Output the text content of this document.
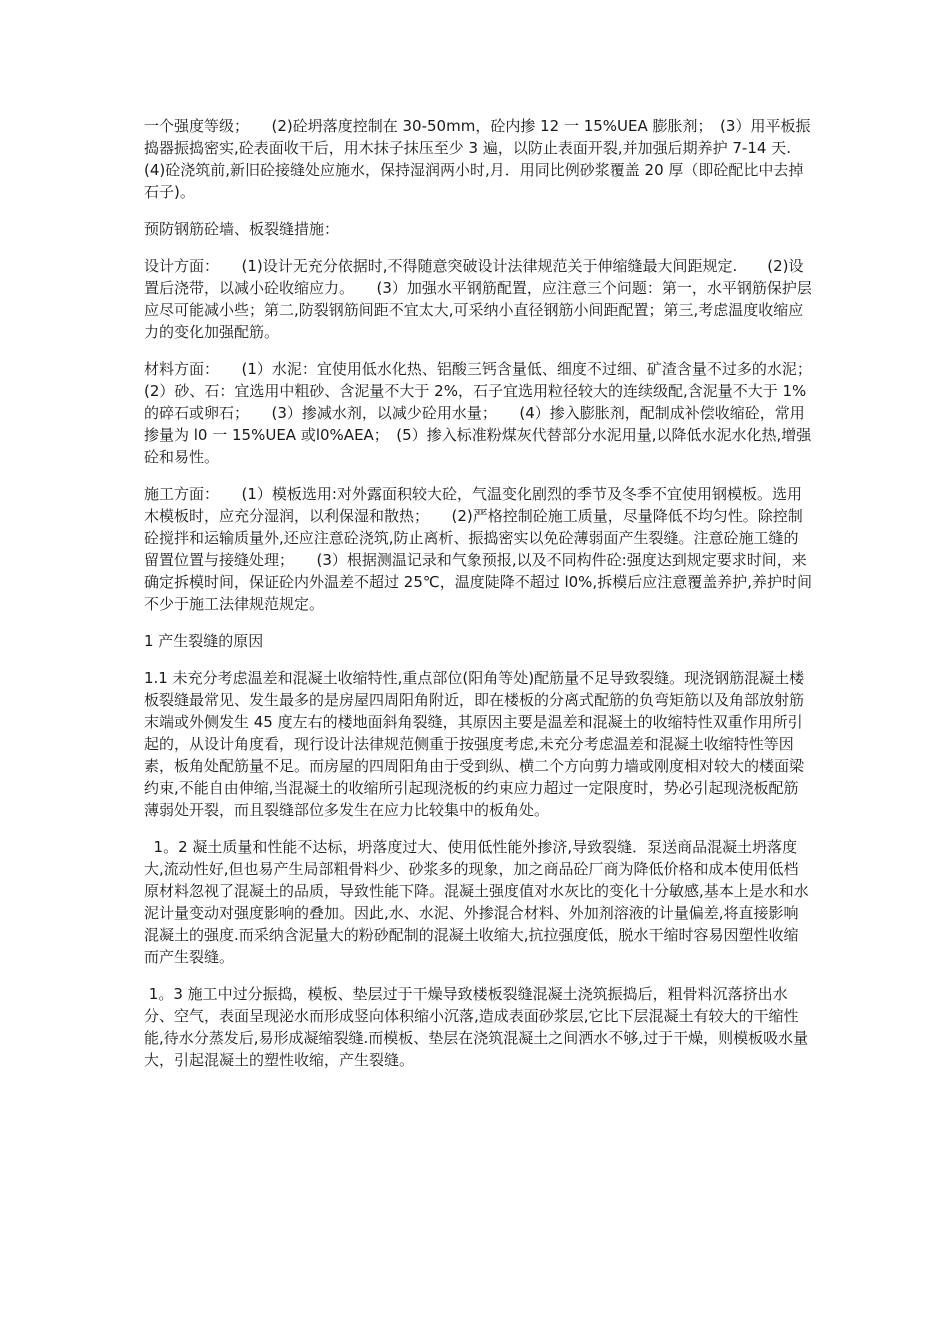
一个强度等级；　　(2)砼坍落度控制在 30-50mm，砼内掺 12 一 15%UEA 膨胀剂；　(3）用平板振捣器振捣密实,砼表面收干后，用木抹子抹压至少 3 遍，以防止表面开裂,并加强后期养护 7-14 天.　　(4)砼浇筑前,新旧砼接缝处应施水，保持湿润两小时,月．用同比例砂浆覆盖 20 厚（即砼配比中去掉石子)。

预防钢筋砼墙、板裂缝措施：

设计方面：　　(1)设计无充分依据时,不得随意突破设计法律规范关于伸缩缝最大间距规定.　　(2)设置后浇带，以减小砼收缩应力。　　(3）加强水平钢筋配置，应注意三个问题：第一，水平钢筋保护层应尽可能减小些；第二,防裂钢筋间距不宜太大,可采纳小直径钢筋小间距配置；第三,考虑温度收缩应力的变化加强配筋。

材料方面：　　(1）水泥：宜使用低水化热、铝酸三钙含量低、细度不过细、矿渣含量不过多的水泥；　　(2）砂、石：宜选用中粗砂、含泥量不大于 2%，石子宜选用粒径较大的连续级配,含泥量不大于 1%的碎石或卵石；　　(3）掺减水剂，以减少砼用水量；　　(4）掺入膨胀剂，配制成补偿收缩砼，常用掺量为 l0 一 15%UEA 或l0%AEA；　(5）掺入标准粉煤灰代替部分水泥用量,以降低水泥水化热,增强砼和易性。

施工方面：　　(1）模板选用:对外露面积较大砼，气温变化剧烈的季节及冬季不宜使用钢模板。选用木模板时，应充分湿润，以利保湿和散热；　　(2)严格控制砼施工质量，尽量降低不均匀性。除控制砼搅拌和运输质量外,还应注意砼浇筑,防止离析、振捣密实以免砼薄弱面产生裂缝。注意砼施工缝的留置位置与接缝处理；　　(3）根据测温记录和气象预报,以及不同构件砼:强度达到规定要求时间，来确定拆模时间，保证砼内外温差不超过 25℃，温度陡降不超过 l0%,拆模后应注意覆盖养护,养护时间不少于施工法律规范规定。

1 产生裂缝的原因

1.1 未充分考虑温差和混凝土收缩特性,重点部位(阳角等处)配筋量不足导致裂缝。现浇钢筋混凝土楼板裂缝最常见、发生最多的是房屋四周阳角附近，即在楼板的分离式配筋的负弯矩筋以及角部放射筋末端或外侧发生 45 度左右的楼地面斜角裂缝，其原因主要是温差和混凝土的收缩特性双重作用所引起的，从设计角度看，现行设计法律规范侧重于按强度考虑,未充分考虑温差和混凝土收缩特性等因素，板角处配筋量不足。而房屋的四周阳角由于受到纵、横二个方向剪力墙或刚度相对较大的楼面梁约束,不能自由伸缩,当混凝土的收缩所引起现浇板的约束应力超过一定限度时，势必引起现浇板配筋薄弱处开裂，而且裂缝部位多发生在应力比较集中的板角处。

1。2 凝土质量和性能不达标，坍落度过大、使用低性能外掺济,导致裂缝．泵送商品混凝土坍落度大,流动性好,但也易产生局部粗骨料少、砂浆多的现象，加之商品砼厂商为降低价格和成本使用低档原材料忽视了混凝土的品质，导致性能下降。混凝土强度值对水灰比的变化十分敏感,基本上是水和水泥计量变动对强度影响的叠加。因此,水、水泥、外掺混合材料、外加剂溶液的计量偏差,将直接影响混凝土的强度.而采纳含泥量大的粉砂配制的混凝土收缩大,抗拉强度低，脱水干缩时容易因塑性收缩而产生裂缝。

1。3 施工中过分振捣，模板、垫层过于干燥导致楼板裂缝混凝土浇筑振捣后，粗骨料沉落挤出水分、空气，表面呈现泌水而形成竖向体积缩小沉落,造成表面砂浆层,它比下层混凝土有较大的干缩性能,待水分蒸发后,易形成凝缩裂缝.而模板、垫层在浇筑混凝土之间洒水不够,过于干燥，则模板吸水量大，引起混凝土的塑性收缩，产生裂缝。
